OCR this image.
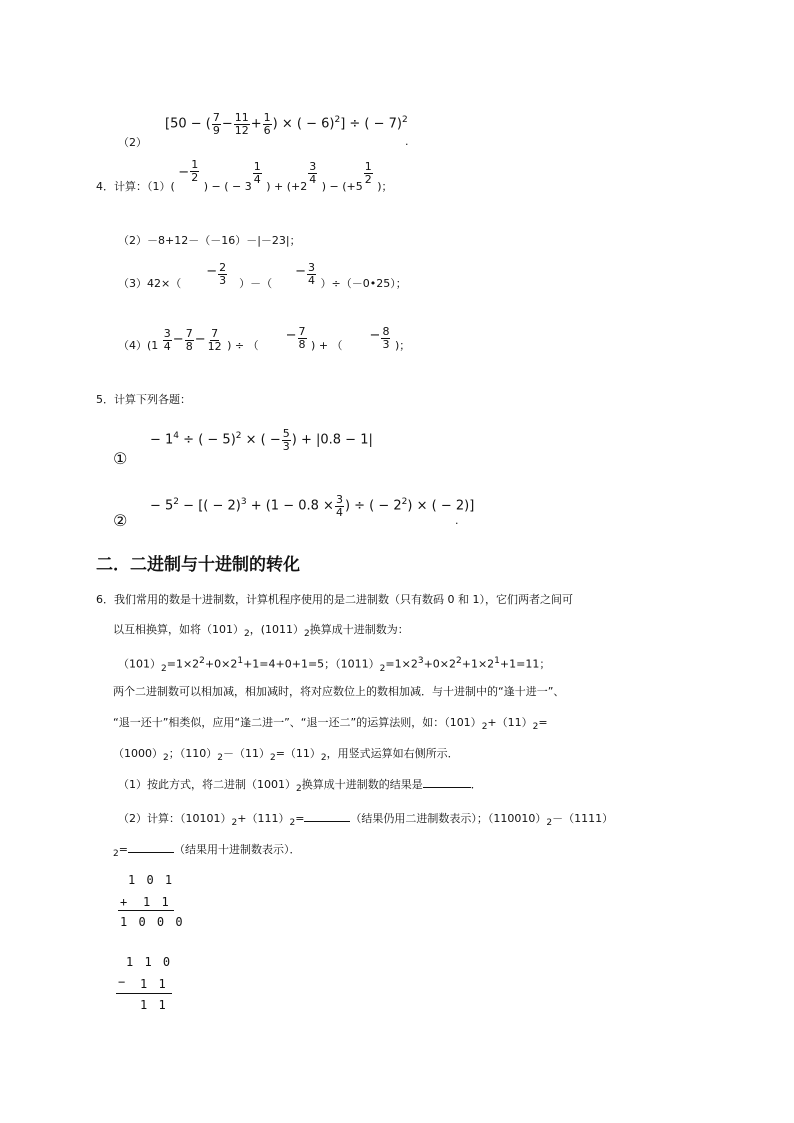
（2）
[50 − ( $\frac{7}{9} - \frac{11}{12} + \frac{1}{6}$ ) × ( − 6)$^2$] ÷ ( − 7)$^2$
.
4．计算：$(1)( - \frac{1}{2}$
) − ( − 3
$\frac{1}{4}$
) + (+2
$\frac{3}{4}$
) − (+5
$\frac{1}{2}$
)；
（2）－8+12－（－16）－|－23|；
$(3)42\times( - \frac{2}{3}$ ）－（  − $\frac{3}{4}$ ）÷（－0•25）；
$(4)(1 \frac{3}{4} - \frac{7}{8} - \frac{7}{12}$ ) ÷ （  − $\frac{7}{8}$ ) + （  − $\frac{8}{3}$ )；
5．计算下列各题：
①
− $1^4$ ÷ ( − 5)$^2$ × ( − $\frac{5}{3}$ ) + |0.8 − 1|
②
− $5^2$ − [( − $2)^3 + (1 - 0.8 \times \frac{3}{4}$ ) ÷ ( − $2^2$) × ( − 2)]
.
二．二进制与十进制的转化
6．我们常用的数是十进制数，计算机程序使用的是二进制数（只有数码 0 和 1），它们两者之间可
以互相换算，如将$(101)_2$，$(1011)_2$换算成十进制数为：
$(101)_2=1\times 2^2+0\times 2^1+1=4+0+1=5$；$(1011)_2=1\times 2^3+0\times 2^2+1\times 2^1+1=11$；
两个二进制数可以相加减，相加减时，将对应数位上的数相加减．与十进制中的“逢十进一”、
“退一还十”相类似，应用“逢二进一”、“退一还二”的运算法则，如：$(101)_2+(11)_2=$
$(1000)_2$；$(110)_2-(11)_2=(11)_2$，用竖式运算如右侧所示．
（1）按此方式，将二进制$(1001)_2$换算成十进制数的结果是	．
（2）计算：$(10101)_2+(111)_2=$	（结果仍用二进制数表示）；$(110010)_2-(1111)$
$_2$=	（结果用十进制数表示）．
1 0 1
+ 1 1
1 0 0 0
1 1 0
− 1 1
1 1
